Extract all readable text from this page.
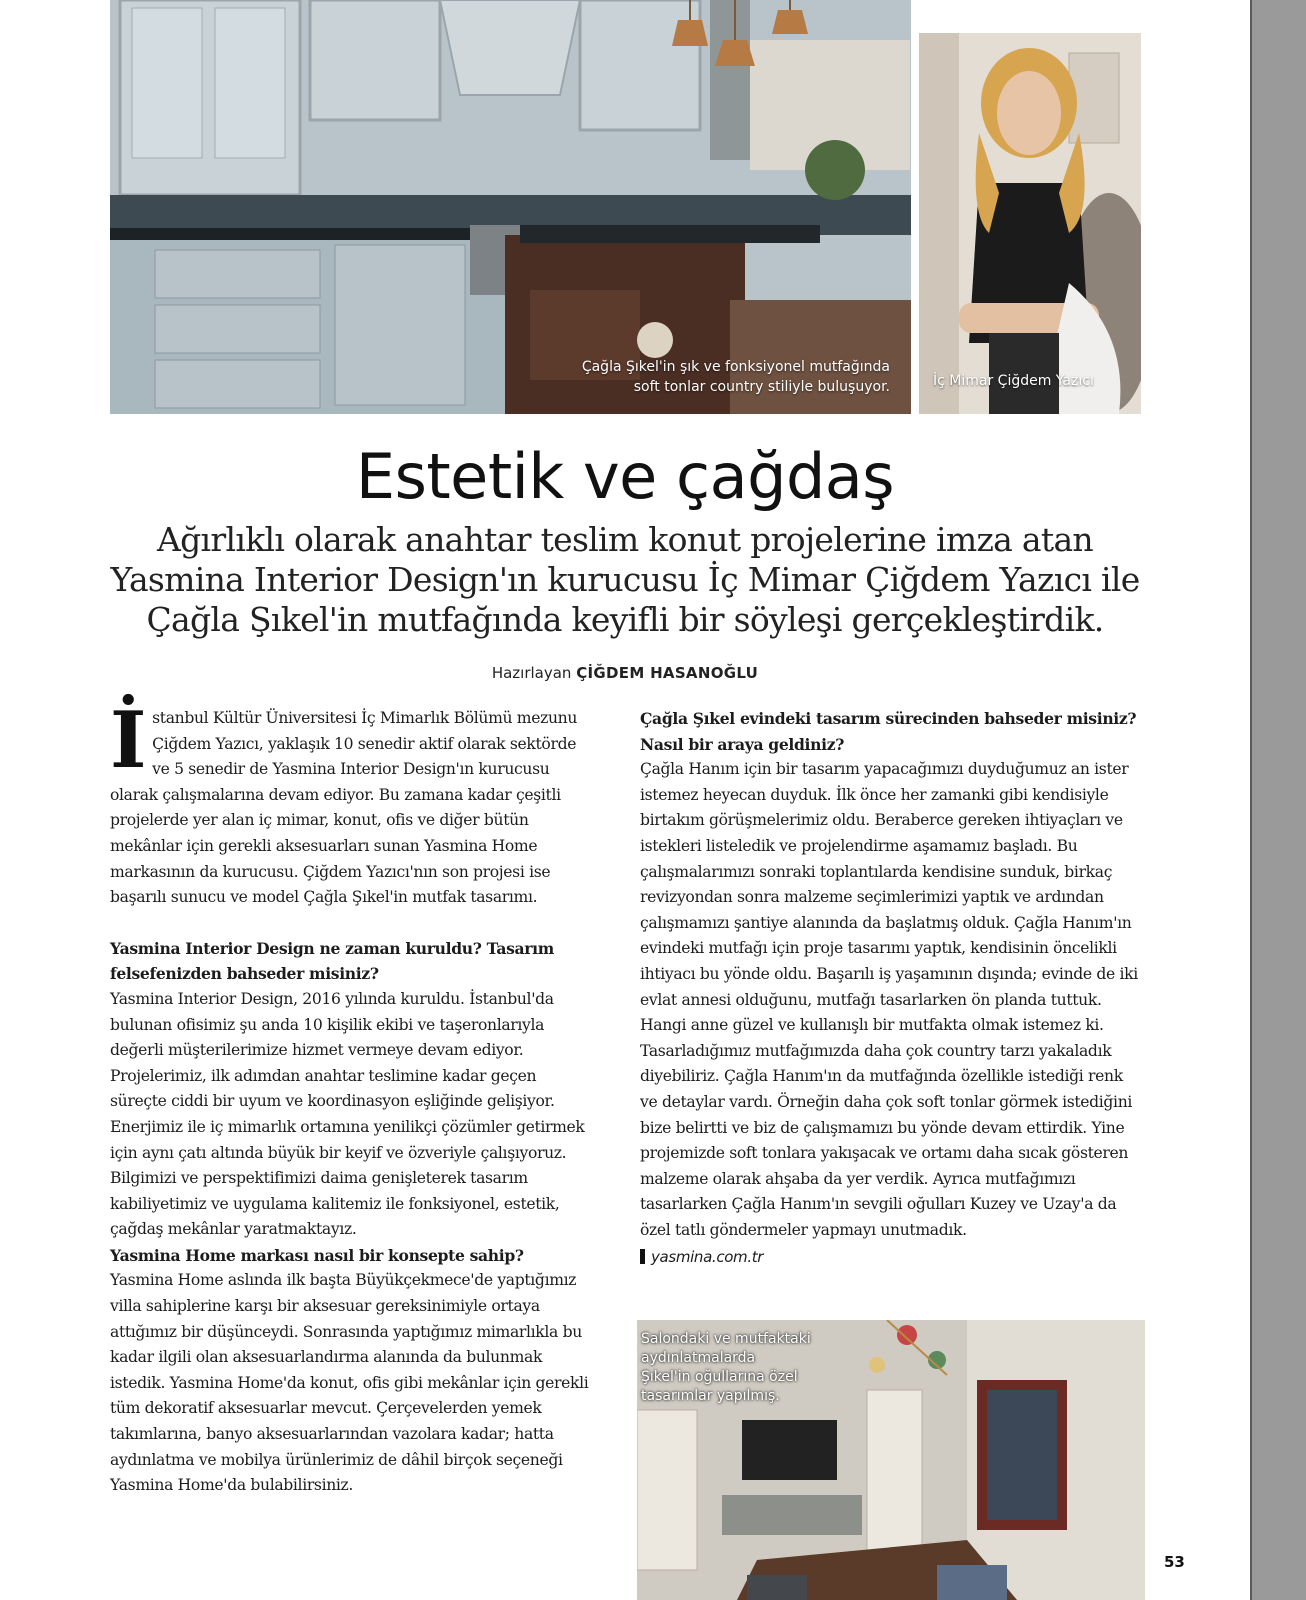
Çağla Şıkel'in şık ve fonksiyonel mutfağında
soft tonlar country stiliyle buluşuyor.	İç Mimar Çiğdem Yazıcı
Estetik ve çağdaş

Ağırlıklı olarak anahtar teslim konut projelerine imza atan Yasmina Interior Design'ın kurucusu İç Mimar Çiğdem Yazıcı ile Çağla Şıkel'in mutfağında keyifli bir söyleşi gerçekleştirdik.

Hazırlayan ÇİĞDEM HASANOĞLU

İstanbul Kültür Üniversitesi İç Mimarlık Bölümü mezunu Çiğdem Yazıcı, yaklaşık 10 senedir aktif olarak sektörde ve 5 senedir de Yasmina Interior Design'ın kurucusu olarak çalışmalarına devam ediyor. Bu zamana kadar çeşitli projelerde yer alan iç mimar, konut, ofis ve diğer bütün mekânlar için gerekli aksesuarları sunan Yasmina Home markasının da kurucusu. Çiğdem Yazıcı'nın son projesi ise başarılı sunucu ve model Çağla Şıkel'in mutfak tasarımı.

Yasmina Interior Design ne zaman kuruldu? Tasarım felsefenizden bahseder misiniz?

Yasmina Interior Design, 2016 yılında kuruldu. İstanbul'da bulunan ofisimiz şu anda 10 kişilik ekibi ve taşeronlarıyla değerli müşterilerimize hizmet vermeye devam ediyor. Projelerimiz, ilk adımdan anahtar teslimine kadar geçen süreçte ciddi bir uyum ve koordinasyon eşliğinde gelişiyor. Enerjimiz ile iç mimarlık ortamına yenilikçi çözümler getirmek için aynı çatı altında büyük bir keyif ve özveriyle çalışıyoruz. Bilgimizi ve perspektifimizi daima genişleterek tasarım kabiliyetimiz ve uygulama kalitemiz ile fonksiyonel, estetik, çağdaş mekânlar yaratmaktayız.

Yasmina Home markası nasıl bir konsepte sahip?

Yasmina Home aslında ilk başta Büyükçekmece'de yaptığımız villa sahiplerine karşı bir aksesuar gereksinimiyle ortaya attığımız bir düşünceydi. Sonrasında yaptığımız mimarlıkla bu kadar ilgili olan aksesuarlandırma alanında da bulunmak istedik. Yasmina Home'da konut, ofis gibi mekânlar için gerekli tüm dekoratif aksesuarlar mevcut. Çerçevelerden yemek takımlarına, banyo aksesuarlarından vazolara kadar; hatta aydınlatma ve mobilya ürünlerimiz de dâhil birçok seçeneği Yasmina Home'da bulabilirsiniz.

Çağla Şıkel evindeki tasarım sürecinden bahseder misiniz? Nasıl bir araya geldiniz?

Çağla Hanım için bir tasarım yapacağımızı duyduğumuz an ister istemez heyecan duyduk. İlk önce her zamanki gibi kendisiyle birtakım görüşmelerimiz oldu. Beraberce gereken ihtiyaçları ve istekleri listeledik ve projelendirme aşamamız başladı. Bu çalışmalarımızı sonraki toplantılarda kendisine sunduk, birkaç revizyondan sonra malzeme seçimlerimizi yaptık ve ardından çalışmamızı şantiye alanında da başlatmış olduk. Çağla Hanım'ın evindeki mutfağı için proje tasarımı yaptık, kendisinin öncelikli ihtiyacı bu yönde oldu. Başarılı iş yaşamının dışında; evinde de iki evlat annesi olduğunu, mutfağı tasarlarken ön planda tuttuk. Hangi anne güzel ve kullanışlı bir mutfakta olmak istemez ki. Tasarladığımız mutfağımızda daha çok country tarzı yakaladık diyebiliriz. Çağla Hanım'ın da mutfağında özellikle istediği renk ve detaylar vardı. Örneğin daha çok soft tonlar görmek istediğini bize belirtti ve biz de çalışmamızı bu yönde devam ettirdik. Yine projemizde soft tonlara yakışacak ve ortamı daha sıcak gösteren malzeme olarak ahşaba da yer verdik. Ayrıca mutfağımızı tasarlarken Çağla Hanım'ın sevgili oğulları Kuzey ve Uzay'a da özel tatlı göndermeler yapmayı unutmadık.

yasmina.com.tr
Salondaki ve mutfaktaki
aydınlatmalarda
Şıkel'in oğullarına özel
tasarımlar yapılmış.
53
